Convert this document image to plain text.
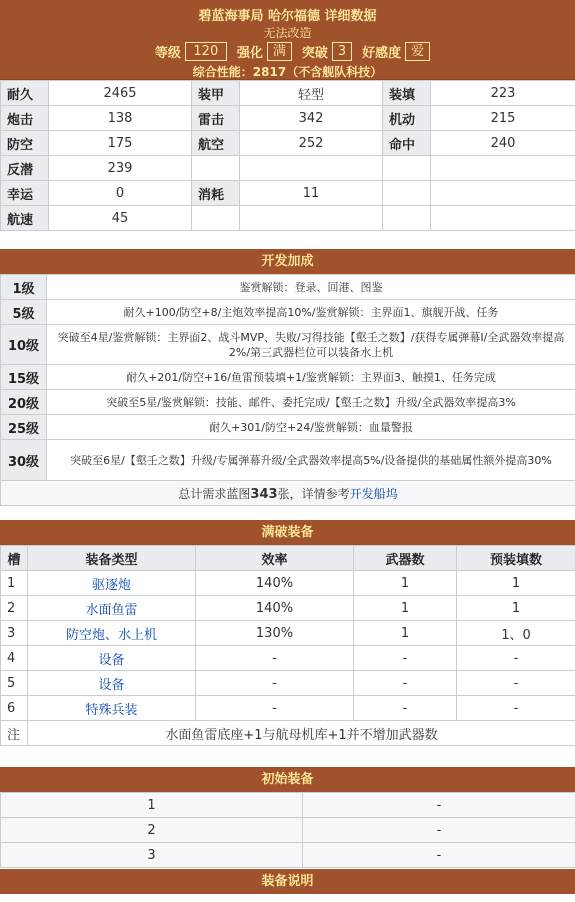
碧蓝海事局 哈尔福德 详细数据
无法改造
等级 120	强化 满	突破 3	好感度 爱
综合性能：2817（不含舰队科技）
耐久	2465	装甲	轻型	装填	223
炮击	138	雷击	342	机动	215
防空	175	航空	252	命中	240
反潜	239				
幸运	0	消耗	11		
航速	45				
开发加成
1级	鉴赏解锁：登录、回港、图鉴
5级	耐久+100/防空+8/主炮效率提高10%/鉴赏解锁：主界面1、旗舰开战、任务
10级	突破至4星/鉴赏解锁：主界面2、战斗MVP、失败/习得技能【壑壬之数】/获得专属弹幕I/全武器效率提高2%/第三武器栏位可以装备水上机
15级	耐久+201/防空+16/鱼雷预装填+1/鉴赏解锁：主界面3、触摸1、任务完成
20级	突破至5星/鉴赏解锁：技能、邮件、委托完成/【壑壬之数】升级/全武器效率提高3%
25级	耐久+301/防空+24/鉴赏解锁：血量警报
30级	突破至6星/【壑壬之数】升级/专属弹幕升级/全武器效率提高5%/设备提供的基础属性额外提高30%
总计需求蓝图343张，详情参考开发船坞	
满破装备
槽	装备类型	效率	武器数	预装填数
1	驱逐炮	140%	1	1
2	水面鱼雷	140%	1	1
3	防空炮、水上机	130%	1	1、0
4	设备	-	-	-
5	设备	-	-	-
6	特殊兵装	-	-	-
注	水面鱼雷底座+1与航母机库+1并不增加武器数			
初始装备
1	-
2	-
3	-
装备说明
